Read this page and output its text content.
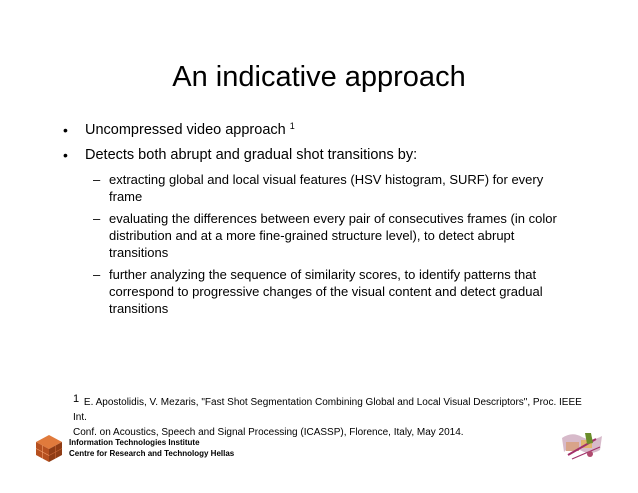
An indicative approach
• Uncompressed video approach $^1$
• Detects both abrupt and gradual shot transitions by:
– extracting global and local visual features (HSV histogram, SURF) for every frame
– evaluating the differences between every pair of consecutives frames (in color distribution and at a more fine-grained structure level), to detect abrupt transitions
– further analyzing the sequence of similarity scores, to identify patterns that correspond to progressive changes of the visual content and detect gradual transitions
1 E. Apostolidis, V. Mezaris, "Fast Shot Segmentation Combining Global and Local Visual Descriptors", Proc. IEEE Int.
Conf. on Acoustics, Speech and Signal Processing (ICASSP), Florence, Italy, May 2014.
Information Technologies Institute
Centre for Research and Technology Hellas
